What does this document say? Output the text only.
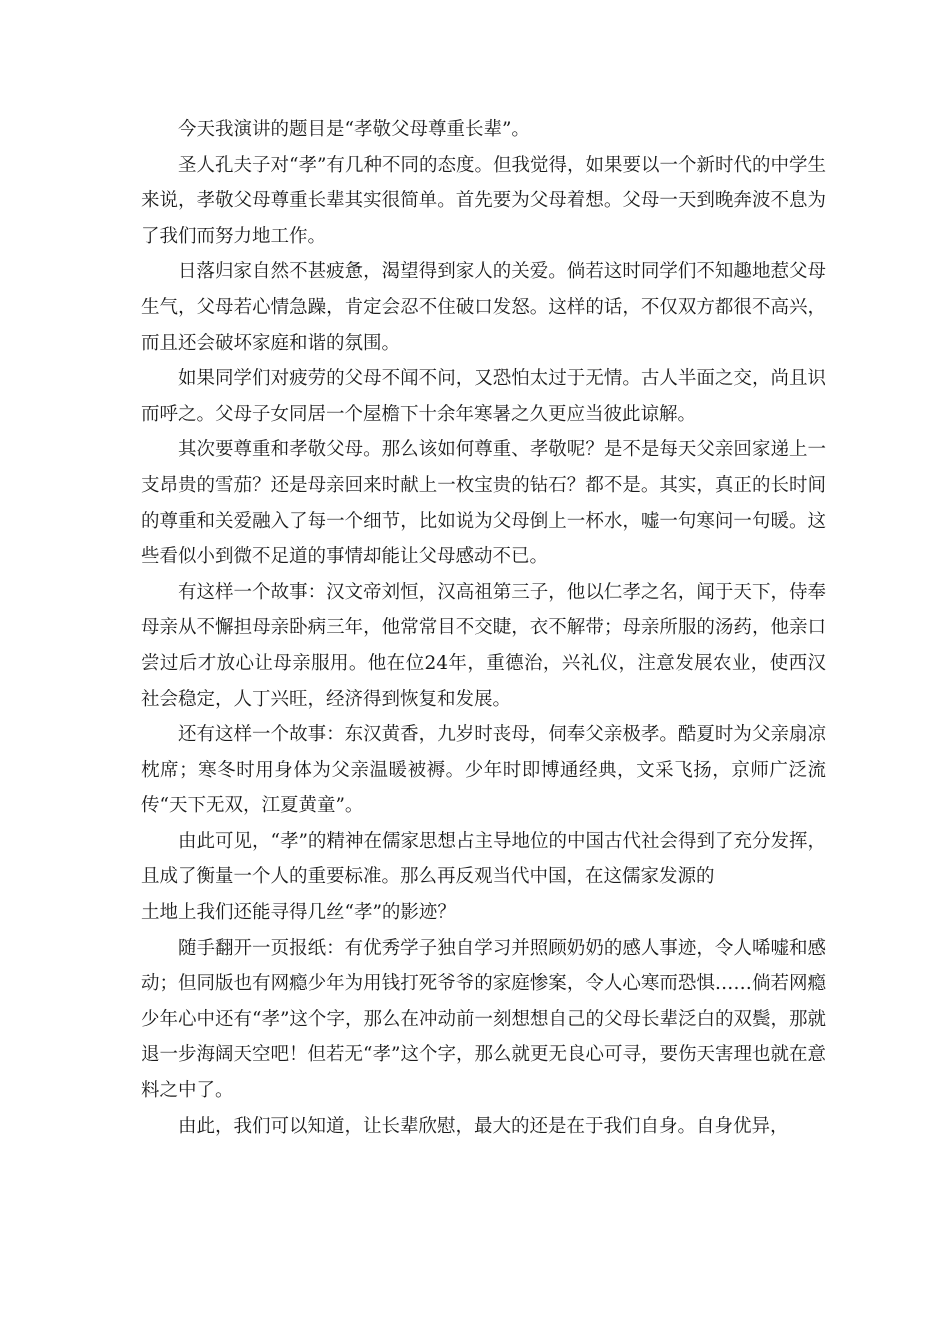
今天我演讲的题目是“孝敬父母尊重长辈”。

圣人孔夫子对“孝”有几种不同的态度。但我觉得，如果要以一个新时代的中学生来说，孝敬父母尊重长辈其实很简单。首先要为父母着想。父母一天到晚奔波不息为了我们而努力地工作。

日落归家自然不甚疲惫，渴望得到家人的关爱。倘若这时同学们不知趣地惹父母生气，父母若心情急躁，肯定会忍不住破口发怒。这样的话，不仅双方都很不高兴，而且还会破坏家庭和谐的氛围。

如果同学们对疲劳的父母不闻不问，又恐怕太过于无情。古人半面之交，尚且识而呼之。父母子女同居一个屋檐下十余年寒暑之久更应当彼此谅解。

其次要尊重和孝敬父母。那么该如何尊重、孝敬呢？是不是每天父亲回家递上一支昂贵的雪茄？还是母亲回来时献上一枚宝贵的钻石？都不是。其实，真正的长时间的尊重和关爱融入了每一个细节，比如说为父母倒上一杯水，嘘一句寒问一句暖。这些看似小到微不足道的事情却能让父母感动不已。

有这样一个故事：汉文帝刘恒，汉高祖第三子，他以仁孝之名，闻于天下，侍奉母亲从不懈担母亲卧病三年，他常常目不交睫，衣不解带；母亲所服的汤药，他亲口尝过后才放心让母亲服用。他在位24年，重德治，兴礼仪，注意发展农业，使西汉社会稳定，人丁兴旺，经济得到恢复和发展。

还有这样一个故事：东汉黄香，九岁时丧母，伺奉父亲极孝。酷夏时为父亲扇凉枕席；寒冬时用身体为父亲温暖被褥。少年时即博通经典，文采飞扬，京师广泛流传“天下无双，江夏黄童”。

由此可见，“孝”的精神在儒家思想占主导地位的中国古代社会得到了充分发挥，且成了衡量一个人的重要标准。那么再反观当代中国，在这儒家发源的

土地上我们还能寻得几丝“孝”的影迹？

随手翻开一页报纸：有优秀学子独自学习并照顾奶奶的感人事迹，令人唏嘘和感动；但同版也有网瘾少年为用钱打死爷爷的家庭惨案，令人心寒而恐惧……倘若网瘾少年心中还有“孝”这个字，那么在冲动前一刻想想自己的父母长辈泛白的双鬓，那就退一步海阔天空吧！但若无“孝”这个字，那么就更无良心可寻，要伤天害理也就在意料之中了。

由此，我们可以知道，让长辈欣慰，最大的还是在于我们自身。自身优异，
